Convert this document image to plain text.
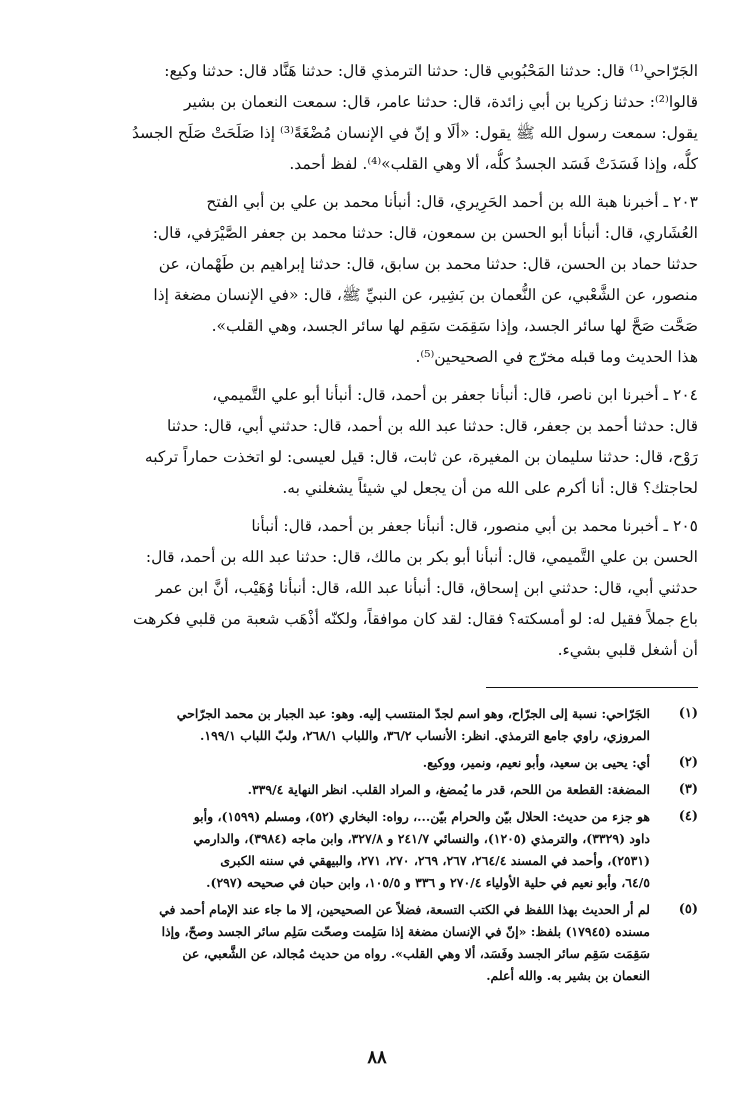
الجَرّاحي⁽¹⁾ قال: حدثنا المَحْبُوبي قال: حدثنا الترمذي قال: حدثنا هَنَّاد قال: حدثنا وكيع:
قالوا⁽²⁾: حدثنا زكريا بن أبي زائدة، قال: حدثنا عامر، قال: سمعت النعمان بن بشير
يقول: سمعت رسول الله ﷺ يقول: «ألَا و إنّ في الإنسان مُضْغَةً⁽³⁾ إذا صَلَحَتْ صَلَح الجسدُ
كلُّه، وإذا فَسَدَتْ فَسَد الجسدُ كلُّه، ألا وهي القلب»⁽⁴⁾. لفظ أحمد.
٢٠٣ ـ أخبرنا هبة الله بن أحمد الحَرِيري، قال: أنبأنا محمد بن علي بن أبي الفتح
العُشَاري، قال: أنبأنا أبو الحسن بن سمعون، قال: حدثنا محمد بن جعفر الصَّيْرَفي، قال:
حدثنا حماد بن الحسن، قال: حدثنا محمد بن سابق، قال: حدثنا إبراهيم بن طَهْمان، عن
منصور، عن الشَّعْبي، عن النُّعمان بن بَشِير، عن النبيِّ ﷺ، قال: «في الإنسان مضغة إذا
صَحَّت صَحَّ لها سائر الجسد، وإذا سَقِمَت سَقِم لها سائر الجسد، وهي القلب».
هذا الحديث وما قبله مخرّج في الصحيحين⁽⁵⁾.
٢٠٤ ـ أخبرنا ابن ناصر، قال: أنبأنا جعفر بن أحمد، قال: أنبأنا أبو علي التَّميمي،
قال: حدثنا أحمد بن جعفر، قال: حدثنا عبد الله بن أحمد، قال: حدثني أبي، قال: حدثنا
رَوْح، قال: حدثنا سليمان بن المغيرة، عن ثابت، قال: قيل لعيسى: لو اتخذت حماراً تركبه
لحاجتك؟ قال: أنا أكرم على الله من أن يجعل لي شيئاً يشغلني به.
٢٠٥ ـ أخبرنا محمد بن أبي منصور، قال: أنبأنا جعفر بن أحمد، قال: أنبأنا
الحسن بن علي التَّميمي، قال: أنبأنا أبو بكر بن مالك، قال: حدثنا عبد الله بن أحمد، قال:
حدثني أبي، قال: حدثني ابن إسحاق، قال: أنبأنا عبد الله، قال: أنبأنا وُهَيْب، أنَّ ابن عمر
باع جملاً فقيل له: لو أمسكته؟ فقال: لقد كان موافقاً، ولكنّه أذْهَب شعبة من قلبي فكرهت
أن أشغل قلبي بشيء.
(١)
الجَرّاحي: نسبة إلى الجرّاح، وهو اسم لجدّ المنتسب إليه. وهو: عبد الجبار بن محمد الجرّاحي
المروزي، راوي جامع الترمذي. انظر: الأنساب ٣٦/٢، واللباب ٢٦٨/١، ولبّ اللباب ١٩٩/١.
(٢)
أي: يحيى بن سعيد، وأبو نعيم، ونمير، ووكيع.
(٣)
المضغة: القطعة من اللحم، قدر ما يُمضغ، و المراد القلب. انظر النهاية ٣٣٩/٤.
(٤)
هو جزء من حديث: الحلال بيّن والحرام بيّن...، رواه: البخاري (٥٢)، ومسلم (١٥٩٩)، وأبو
داود (٣٣٢٩)، والترمذي (١٢٠٥)، والنسائي ٢٤١/٧ و ٣٢٧/٨، وابن ماجه (٣٩٨٤)، والدارمي
(٢٥٣١)، وأحمد في المسند ٢٦٤/٤، ٢٦٧، ٢٦٩، ٢٧٠، ٢٧١، والبيهقي في سننه الكبرى
٦٤/٥، وأبو نعيم في حلية الأولياء ٢٧٠/٤ و ٣٣٦ و ١٠٥/٥، وابن حبان في صحيحه (٢٩٧).
(٥)
لم أر الحديث بهذا اللفظ في الكتب التسعة، فضلاً عن الصحيحين، إلا ما جاء عند الإمام أحمد في
مسنده (١٧٩٤٥) بلفظ: «إنّ في الإنسان مضغة إذا سَلِمت وصحّت سَلِم سائر الجسد وصحّ، وإذا
سَقِمَت سَقِم سائر الجسد وفَسَد، ألا وهي القلب». رواه من حديث مُجالد، عن الشَّعبي، عن
النعمان بن بشير به. والله أعلم.
٨٨
